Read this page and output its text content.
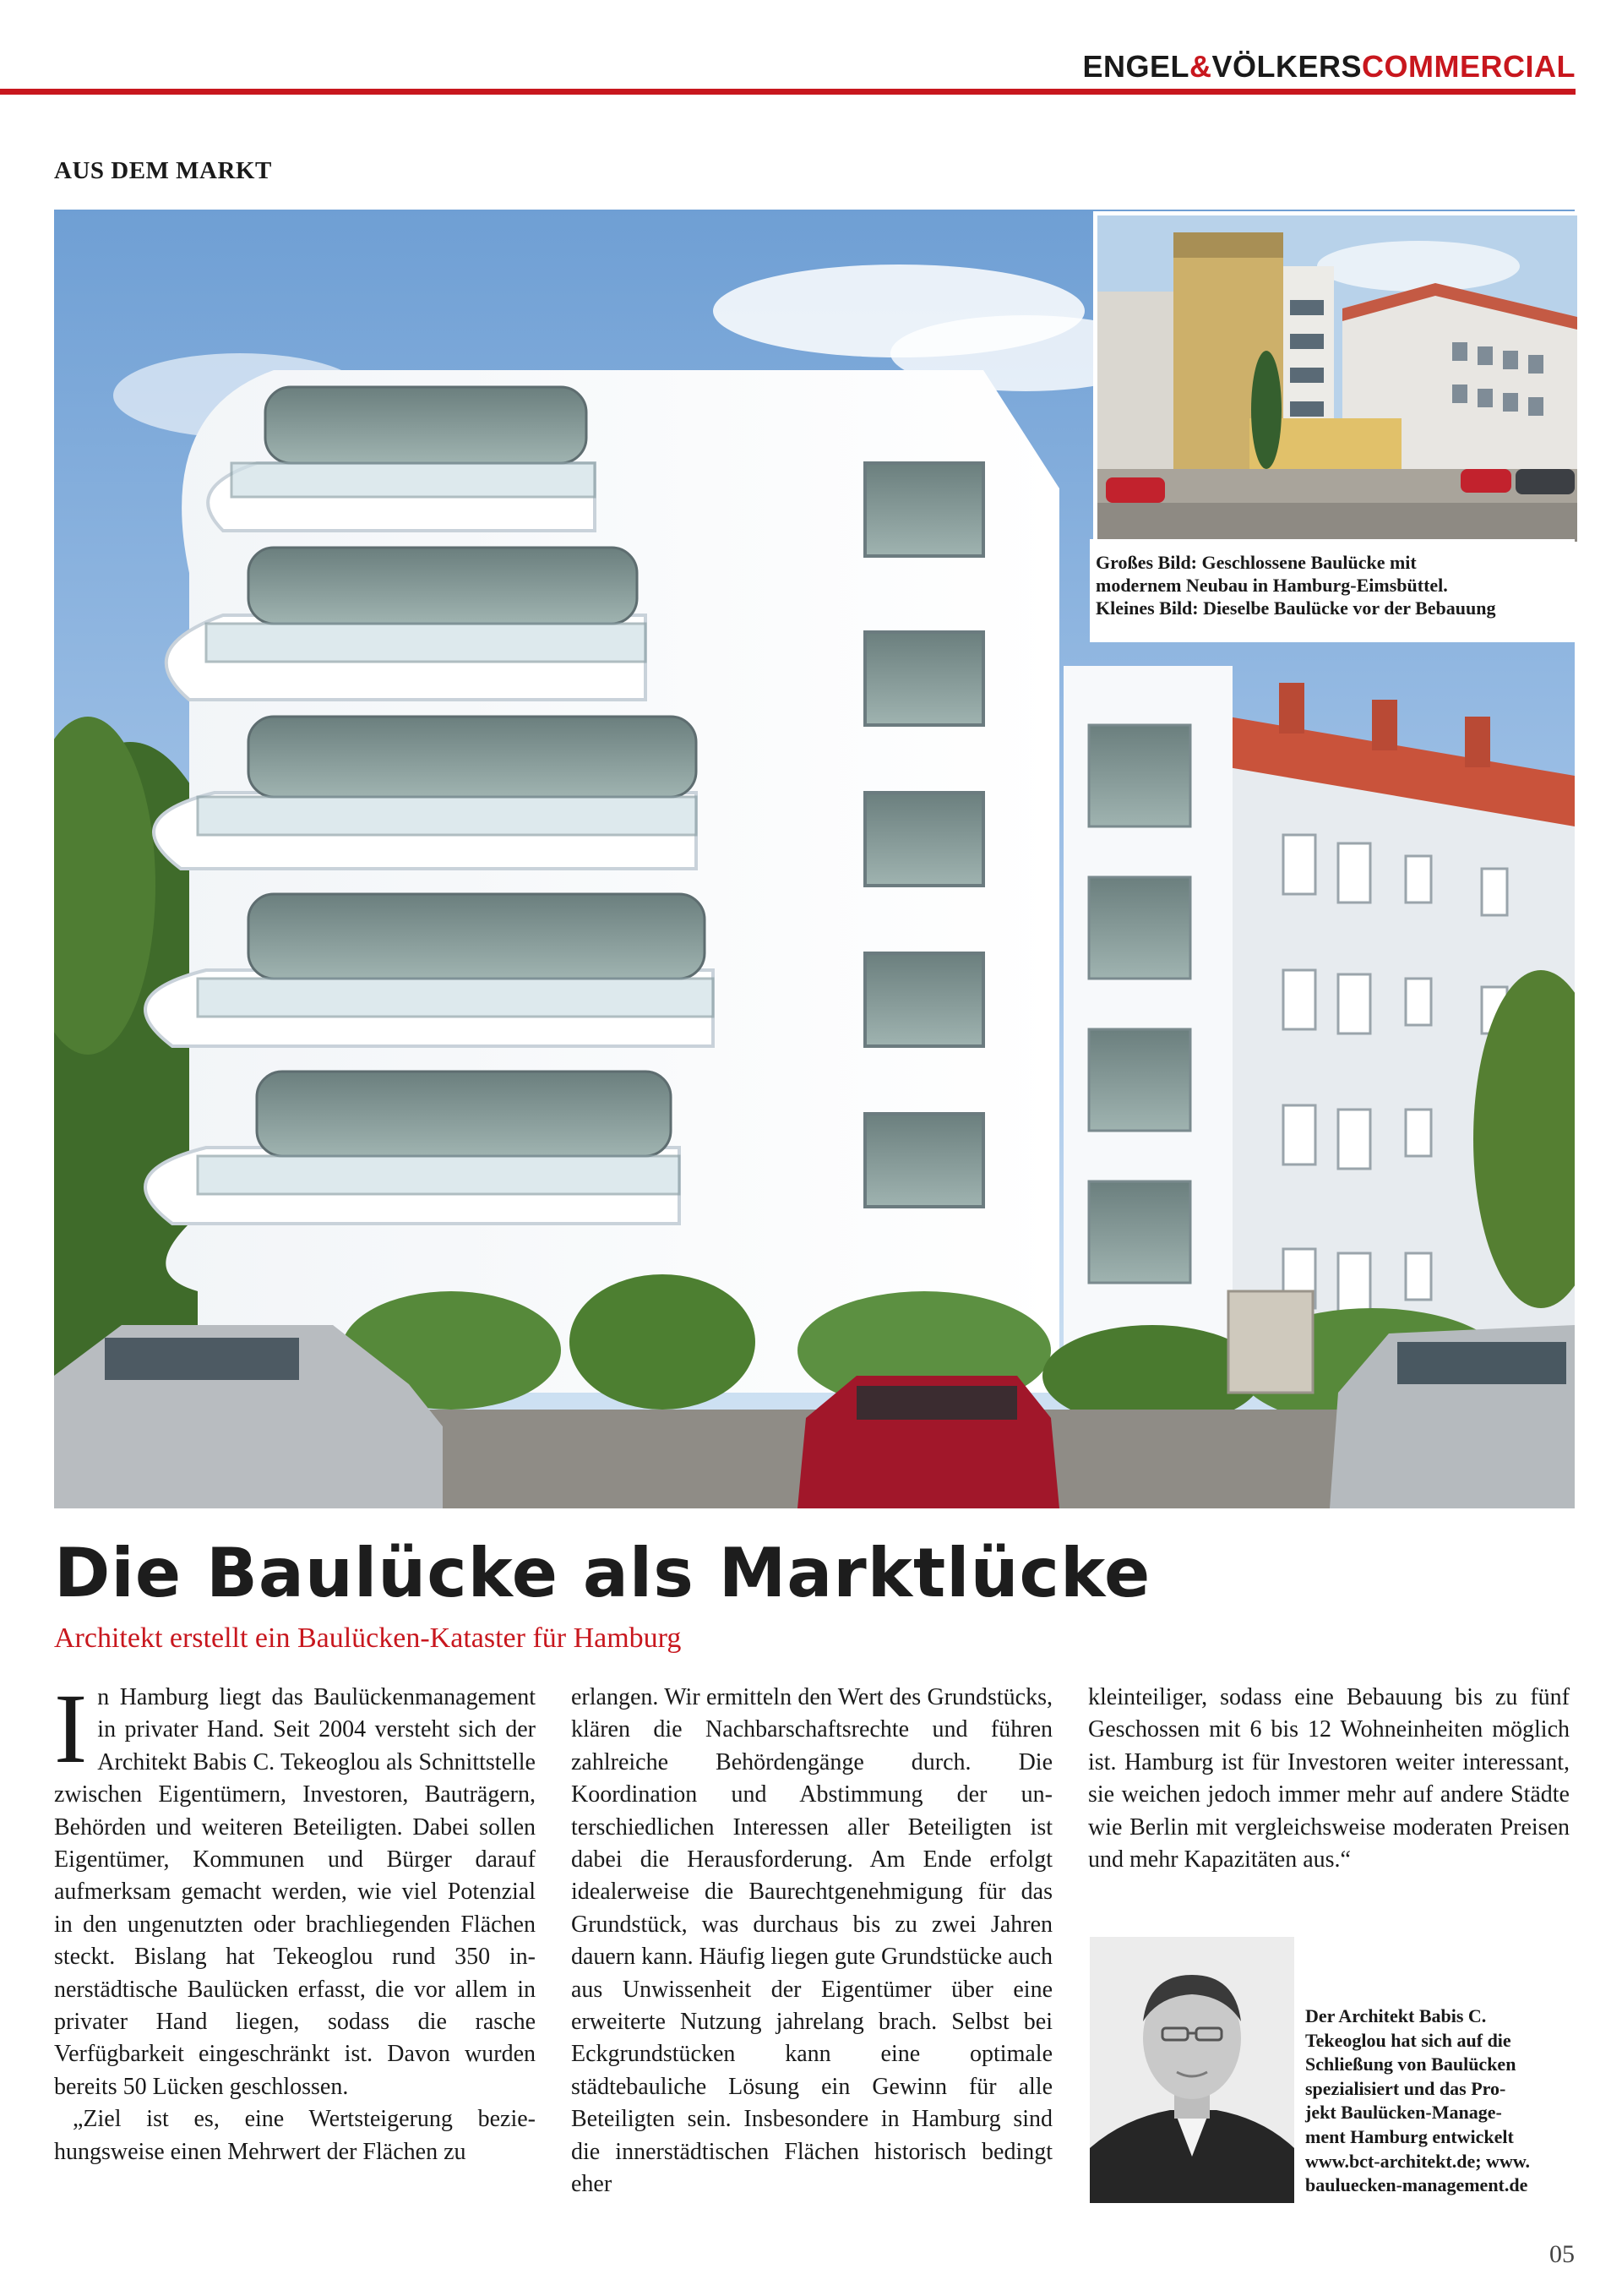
ENGEL&VÖLKERSCOMMERCIAL
AUS DEM MARKT
Großes Bild: Geschlossene Baulücke mit
modernem Neubau in Hamburg-Eimsbüttel.
Kleines Bild: Dieselbe Baulücke vor der Bebauung
Die Baulücke als Marktlücke
Architekt erstellt ein Baulücken-Kataster für Hamburg

In Hamburg liegt das Baulückenmanagement in privater Hand. Seit 2004 versteht sich der Architekt Babis C. Tekeoglou als Schnittstelle zwischen Eigentümern, Investoren, Bauträgern, Behörden und weiteren Beteiligten. Dabei sollen Eigentümer, Kommunen und Bürger darauf aufmerksam gemacht werden, wie viel Potenzial in den ungenutzten oder brachliegenden Flächen steckt. Bislang hat Tekeoglou rund 350 innerstädtische Baulücken erfasst, die vor allem in privater Hand liegen, sodass die rasche Verfügbarkeit eingeschränkt ist. Davon wurden bereits 50 Lücken geschlossen.

„Ziel ist es, eine Wertsteigerung beziehungsweise einen Mehrwert der Flächen zu

erlangen. Wir ermitteln den Wert des Grundstücks, klären die Nachbarschaftsrechte und führen zahlreiche Behördengänge durch. Die Koordination und Abstimmung der unterschiedlichen Interessen aller Beteiligten ist dabei die Herausforderung. Am Ende erfolgt idealerweise die Baurechtgenehmigung für das Grundstück, was durchaus bis zu zwei Jahren dauern kann. Häufig liegen gute Grundstücke auch aus Unwissenheit der Eigentümer über eine erweiterte Nutzung jahrelang brach. Selbst bei Eckgrundstücken kann eine optimale städtebauliche Lösung ein Gewinn für alle Beteiligten sein. Insbesondere in Hamburg sind die innerstädtischen Flächen historisch bedingt eher

kleinteiliger, sodass eine Bebauung bis zu fünf Geschossen mit 6 bis 12 Wohneinheiten möglich ist. Hamburg ist für Investoren weiter interessant, sie weichen jedoch immer mehr auf andere Städte wie Berlin mit vergleichsweise moderaten Preisen und mehr Kapazitäten aus.“

Der Architekt Babis C.
Tekeoglou hat sich auf die
Schließung von Baulücken
spezialisiert und das Pro-
jekt Baulücken-Manage-
ment Hamburg entwickelt
www.bct-architekt.de; www.
bauluecken-management.de
05
